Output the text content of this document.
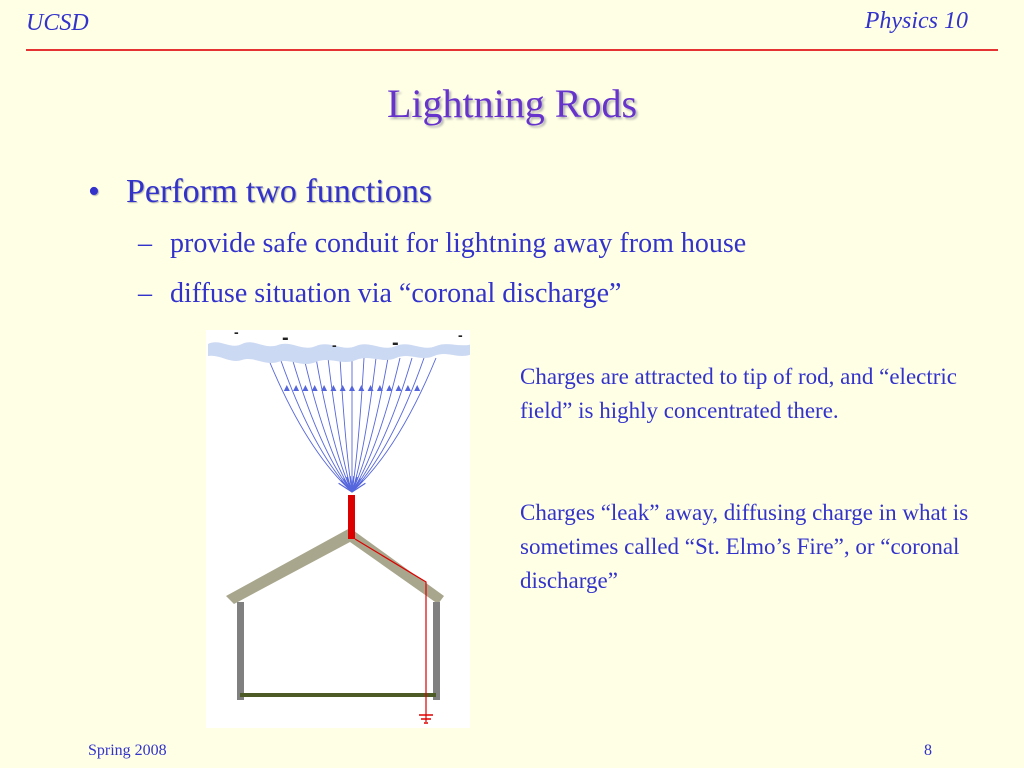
UCSD	Physics 10
Lightning Rods
• Perform two functions
– provide safe conduit for lightning away from house
– diffuse situation via “coronal discharge”
- -	-	-	-
Charges are attracted to tip of rod, and “electric field” is highly concentrated there.
Charges “leak” away, diffusing charge in what is sometimes called “St. Elmo’s Fire”, or “coronal discharge”
Spring 2008	8
